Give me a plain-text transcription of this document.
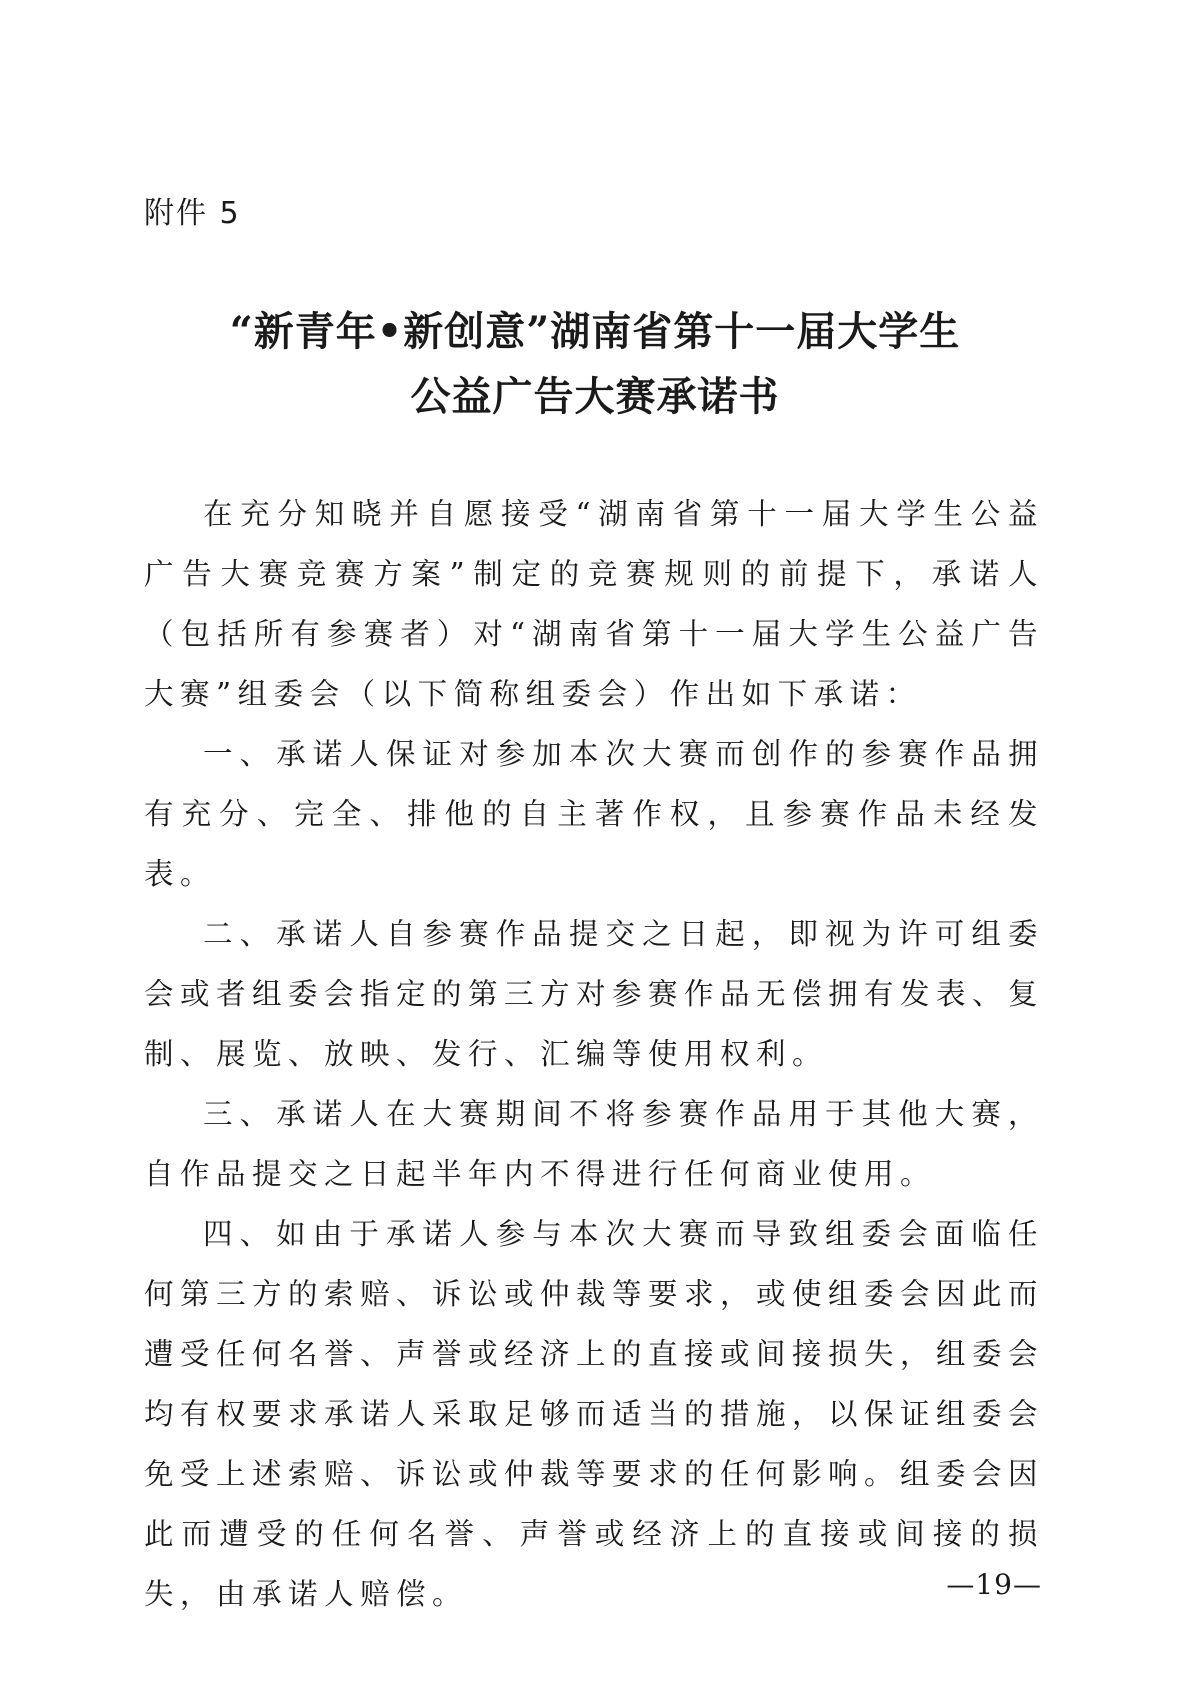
附件 5
“新青年•新创意”湖南省第十一届大学生
公益广告大赛承诺书

在充分知晓并自愿接受“湖南省第十一届大学生公益广告大赛竞赛方案”制定的竞赛规则的前提下，承诺人（包括所有参赛者）对“湖南省第十一届大学生公益广告大赛”组委会（以下简称组委会）作出如下承诺：

一、承诺人保证对参加本次大赛而创作的参赛作品拥有充分、完全、排他的自主著作权，且参赛作品未经发表。

二、承诺人自参赛作品提交之日起，即视为许可组委会或者组委会指定的第三方对参赛作品无偿拥有发表、复制、展览、放映、发行、汇编等使用权利。

三、承诺人在大赛期间不将参赛作品用于其他大赛，自作品提交之日起半年内不得进行任何商业使用。

四、如由于承诺人参与本次大赛而导致组委会面临任何第三方的索赔、诉讼或仲裁等要求，或使组委会因此而遭受任何名誉、声誉或经济上的直接或间接损失，组委会均有权要求承诺人采取足够而适当的措施，以保证组委会免受上述索赔、诉讼或仲裁等要求的任何影响。组委会因此而遭受的任何名誉、声誉或经济上的直接或间接的损失，由承诺人赔偿。	—19—
